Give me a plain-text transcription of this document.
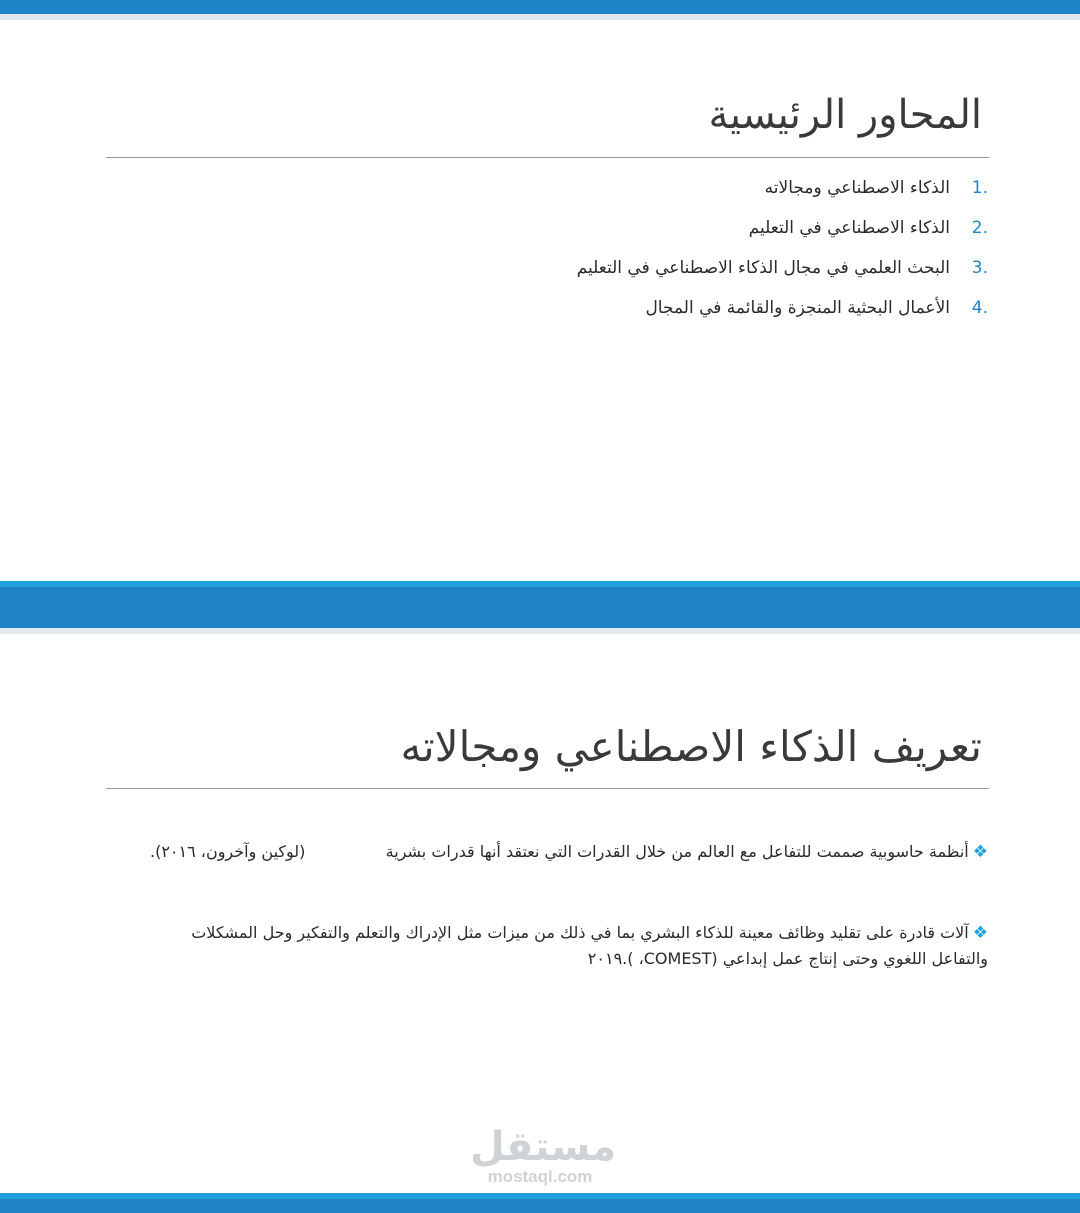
المحاور الرئيسية
1.
الذكاء الاصطناعي ومجالاته
2.
الذكاء الاصطناعي في التعليم
3.
البحث العلمي في مجال الذكاء الاصطناعي في التعليم
4.
الأعمال البحثية المنجزة والقائمة في المجال
تعريف الذكاء الاصطناعي ومجالاته
❖أنظمة حاسوبية صممت للتفاعل مع العالم من خلال القدرات التي نعتقد أنها قدرات بشرية
(لوكين وآخرون، ٢٠١٦).
❖آلات قادرة على تقليد وظائف معينة للذكاء البشري بما في ذلك من ميزات مثل الإدراك والتعلم والتفكير وحل المشكلات
والتفاعل اللغوي وحتى إنتاج عمل إبداعي (COMEST، ).٢٠١٩
مستقل
mostaql.com
